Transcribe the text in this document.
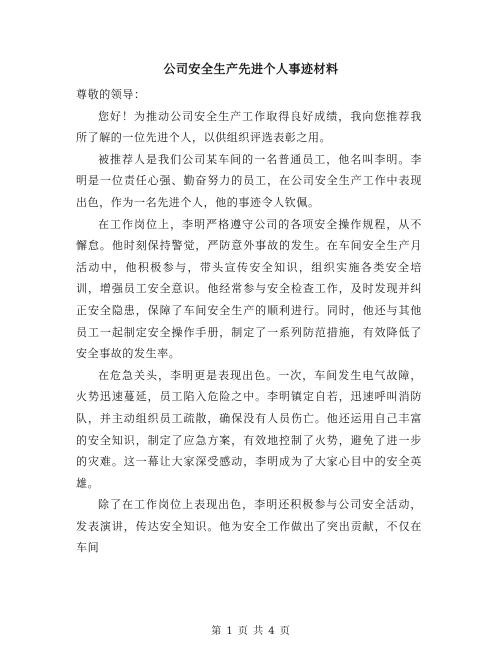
公司安全生产先进个人事迹材料

尊敬的领导：

您好！为推动公司安全生产工作取得良好成绩，我向您推荐我所了解的一位先进个人，以供组织评选表彰之用。

被推荐人是我们公司某车间的一名普通员工，他名叫李明。李明是一位责任心强、勤奋努力的员工，在公司安全生产工作中表现出色，作为一名先进个人，他的事迹令人钦佩。

在工作岗位上，李明严格遵守公司的各项安全操作规程，从不懈怠。他时刻保持警觉，严防意外事故的发生。在车间安全生产月活动中，他积极参与，带头宣传安全知识，组织实施各类安全培训，增强员工安全意识。他经常参与安全检查工作，及时发现并纠正安全隐患，保障了车间安全生产的顺利进行。同时，他还与其他员工一起制定安全操作手册，制定了一系列防范措施，有效降低了安全事故的发生率。

在危急关头，李明更是表现出色。一次，车间发生电气故障，火势迅速蔓延，员工陷入危险之中。李明镇定自若，迅速呼叫消防队，并主动组织员工疏散，确保没有人员伤亡。他还运用自己丰富的安全知识，制定了应急方案，有效地控制了火势，避免了进一步的灾难。这一幕让大家深受感动，李明成为了大家心目中的安全英雄。

除了在工作岗位上表现出色，李明还积极参与公司安全活动，发表演讲，传达安全知识。他为安全工作做出了突出贡献，不仅在车间

第 1 页 共 4 页
